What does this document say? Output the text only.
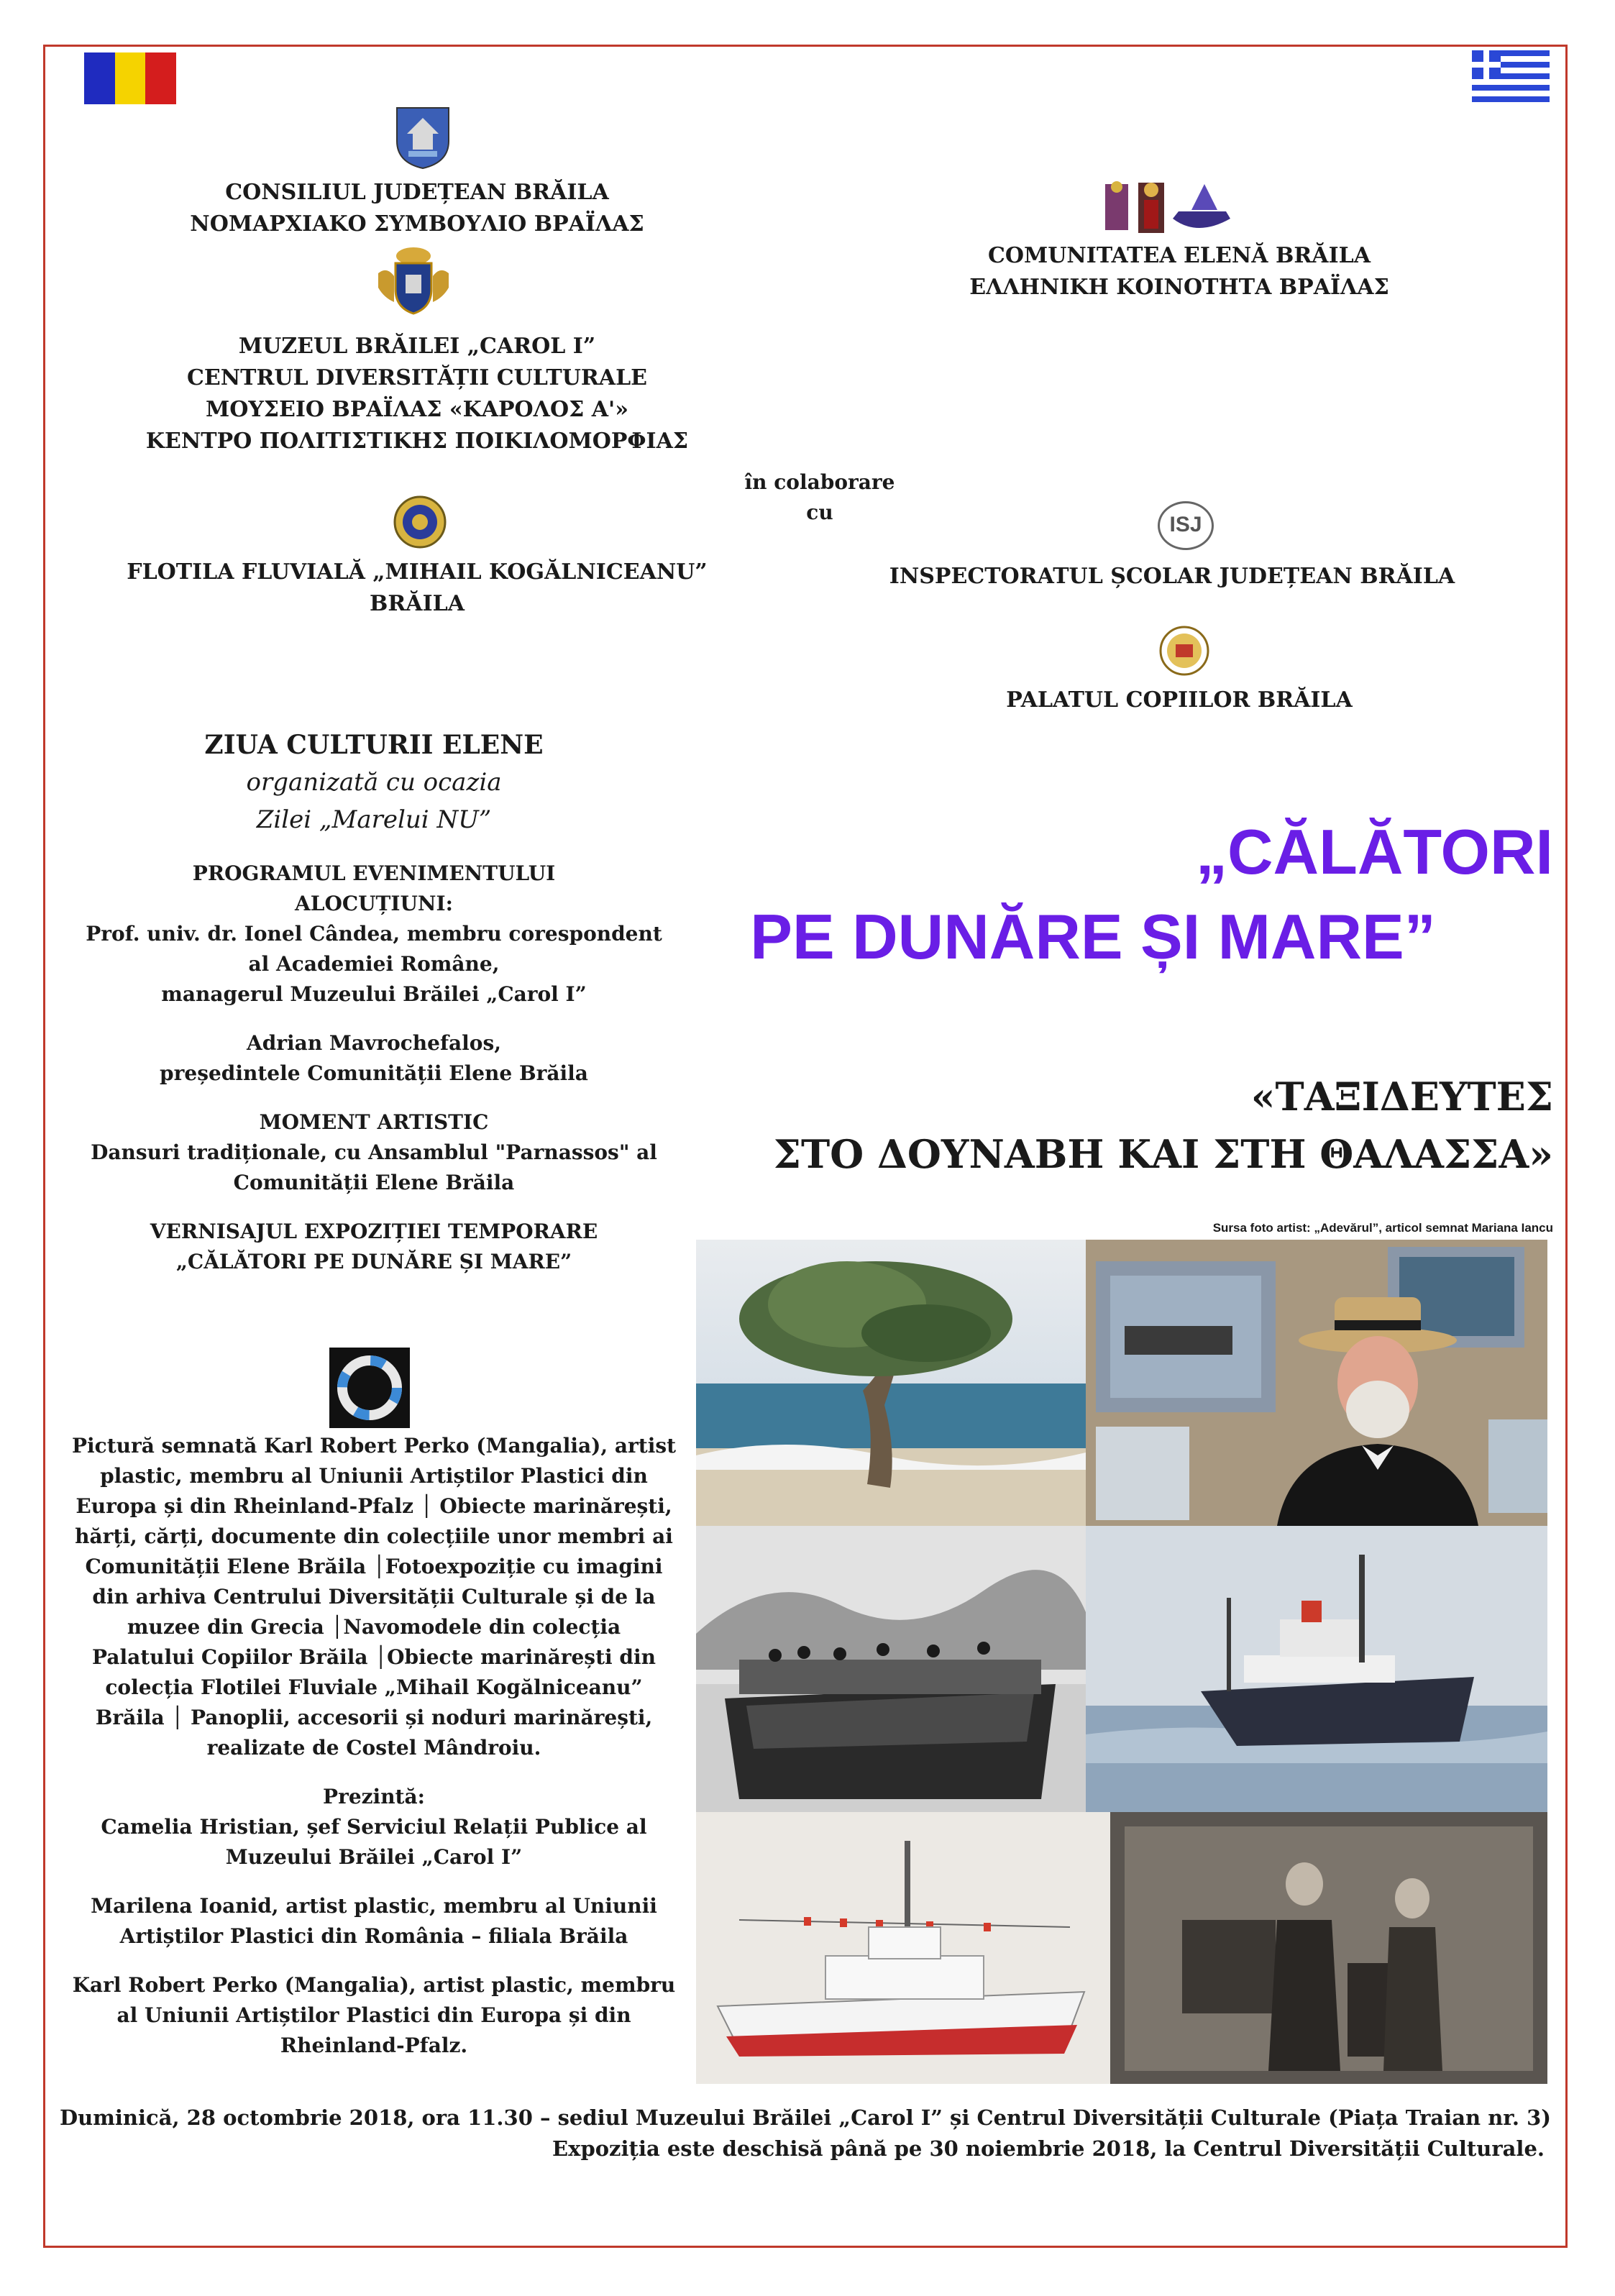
ISJ
CONSILIUL JUDEȚEAN BRĂILA
ΝΟΜΑΡΧΙΑΚΟ ΣΥΜΒΟΥΛΙΟ ΒΡΑΪΛΑΣ
MUZEUL BRĂILEI „CAROL I”
CENTRUL DIVERSITĂȚII CULTURALE
ΜΟΥΣΕΙΟ ΒΡΑΪΛΑΣ «ΚΑΡΟΛΟΣ Α'»
ΚΕΝΤΡΟ ΠΟΛΙΤΙΣΤΙΚΗΣ ΠΟΙΚΙΛΟΜΟΡΦΙΑΣ
în colaborare cu
FLOTILA FLUVIALĂ „MIHAIL KOGĂLNICEANU”
BRĂILA
COMUNITATEA ELENĂ BRĂILA
ΕΛΛΗΝΙΚΗ ΚΟΙΝΟΤΗΤΑ ΒΡΑΪΛΑΣ
INSPECTORATUL ȘCOLAR JUDEȚEAN BRĂILA
PALATUL COPIILOR BRĂILA
ZIUA CULTURII ELENE
organizată cu ocazia
Zilei „Marelui NU”
PROGRAMUL EVENIMENTULUI
ALOCUȚIUNI:
Prof. univ. dr. Ionel Cândea, membru corespondent
al Academiei Române,
managerul Muzeului Brăilei „Carol I”
Adrian Mavrochefalos,
președintele Comunității Elene Brăila
MOMENT ARTISTIC
Dansuri tradiționale, cu Ansamblul "Parnassos" al
Comunității Elene Brăila
VERNISAJUL EXPOZIȚIEI TEMPORARE
„CĂLĂTORI PE DUNĂRE ȘI MARE”
Pictură semnată Karl Robert Perko (Mangalia), artist
plastic, membru al Uniunii Artiștilor Plastici din
Europa și din Rheinland-Pfalz │ Obiecte marinărești,
hărți, cărți, documente din colecțiile unor membri ai
Comunității Elene Brăila │Fotoexpoziție cu imagini
din arhiva Centrului Diversității Culturale și de la
muzee din Grecia │Navomodele din colecția
Palatului Copiilor Brăila │Obiecte marinărești din
colecția Flotilei Fluviale „Mihail Kogălniceanu”
Brăila │ Panoplii, accesorii și noduri marinărești,
realizate de Costel Mândroiu.
Prezintă:
Camelia Hristian, șef Serviciul Relații Publice al
Muzeului Brăilei „Carol I”
Marilena Ioanid, artist plastic, membru al Uniunii
Artiștilor Plastici din România – filiala Brăila
Karl Robert Perko (Mangalia), artist plastic, membru
al Uniunii Artiștilor Plastici din Europa și din
Rheinland-Pfalz.
„CĂLĂTORI
PE DUNĂRE ȘI MARE”
«ΤΑΞΙΔΕΥΤΕΣ
ΣΤΟ ΔΟΥΝΑΒΗ ΚΑΙ ΣΤΗ ΘΑΛΑΣΣΑ»
Sursa foto artist: „Adevărul”, articol semnat Mariana Iancu
Duminică, 28 octombrie 2018, ora 11.30 – sediul Muzeului Brăilei „Carol I” și Centrul Diversității Culturale (Piața Traian nr. 3)
Expoziția este deschisă până pe 30 noiembrie 2018, la Centrul Diversității Culturale.
